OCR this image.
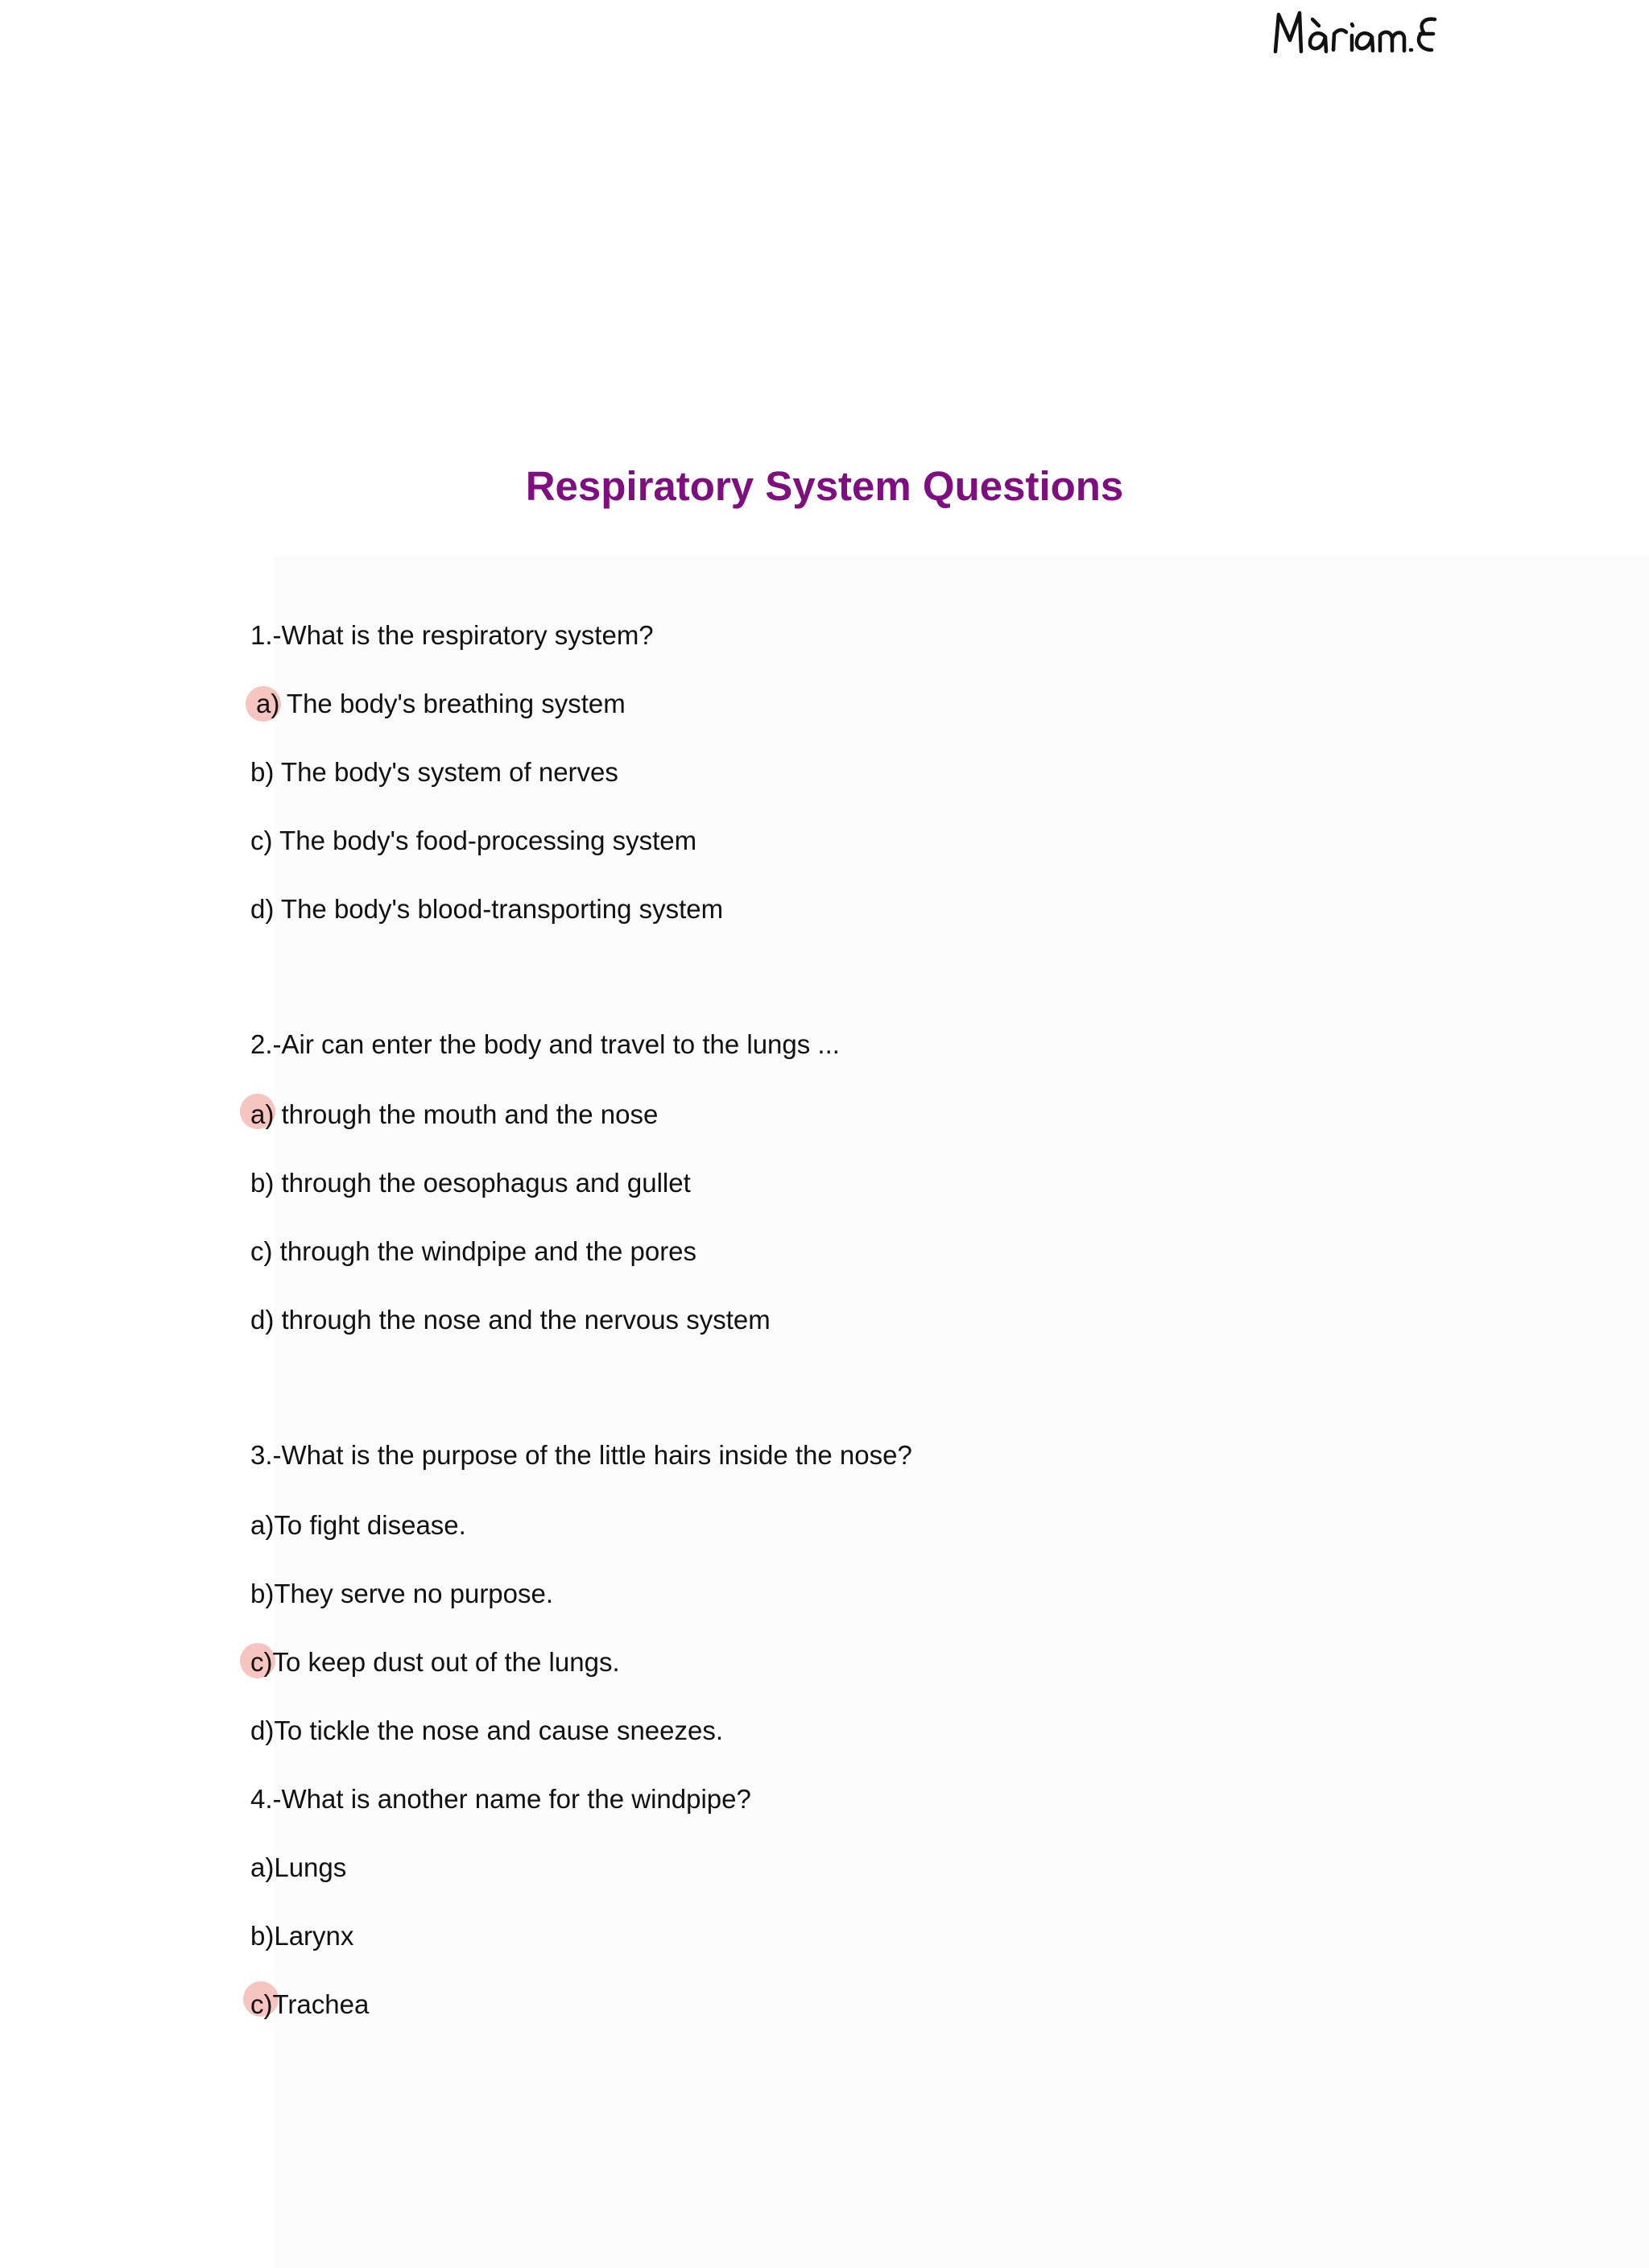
Respiratory System Questions
1.-What is the respiratory system?
a) The body's breathing system
b) The body's system of nerves
c) The body's food-processing system
d) The body's blood-transporting system
2.-Air can enter the body and travel to the lungs ...
a) through the mouth and the nose
b) through the oesophagus and gullet
c) through the windpipe and the pores
d) through the nose and the nervous system
3.-What is the purpose of the little hairs inside the nose?
a)To fight disease.
b)They serve no purpose.
c)To keep dust out of the lungs.
d)To tickle the nose and cause sneezes.
4.-What is another name for the windpipe?
a)Lungs
b)Larynx
c)Trachea
